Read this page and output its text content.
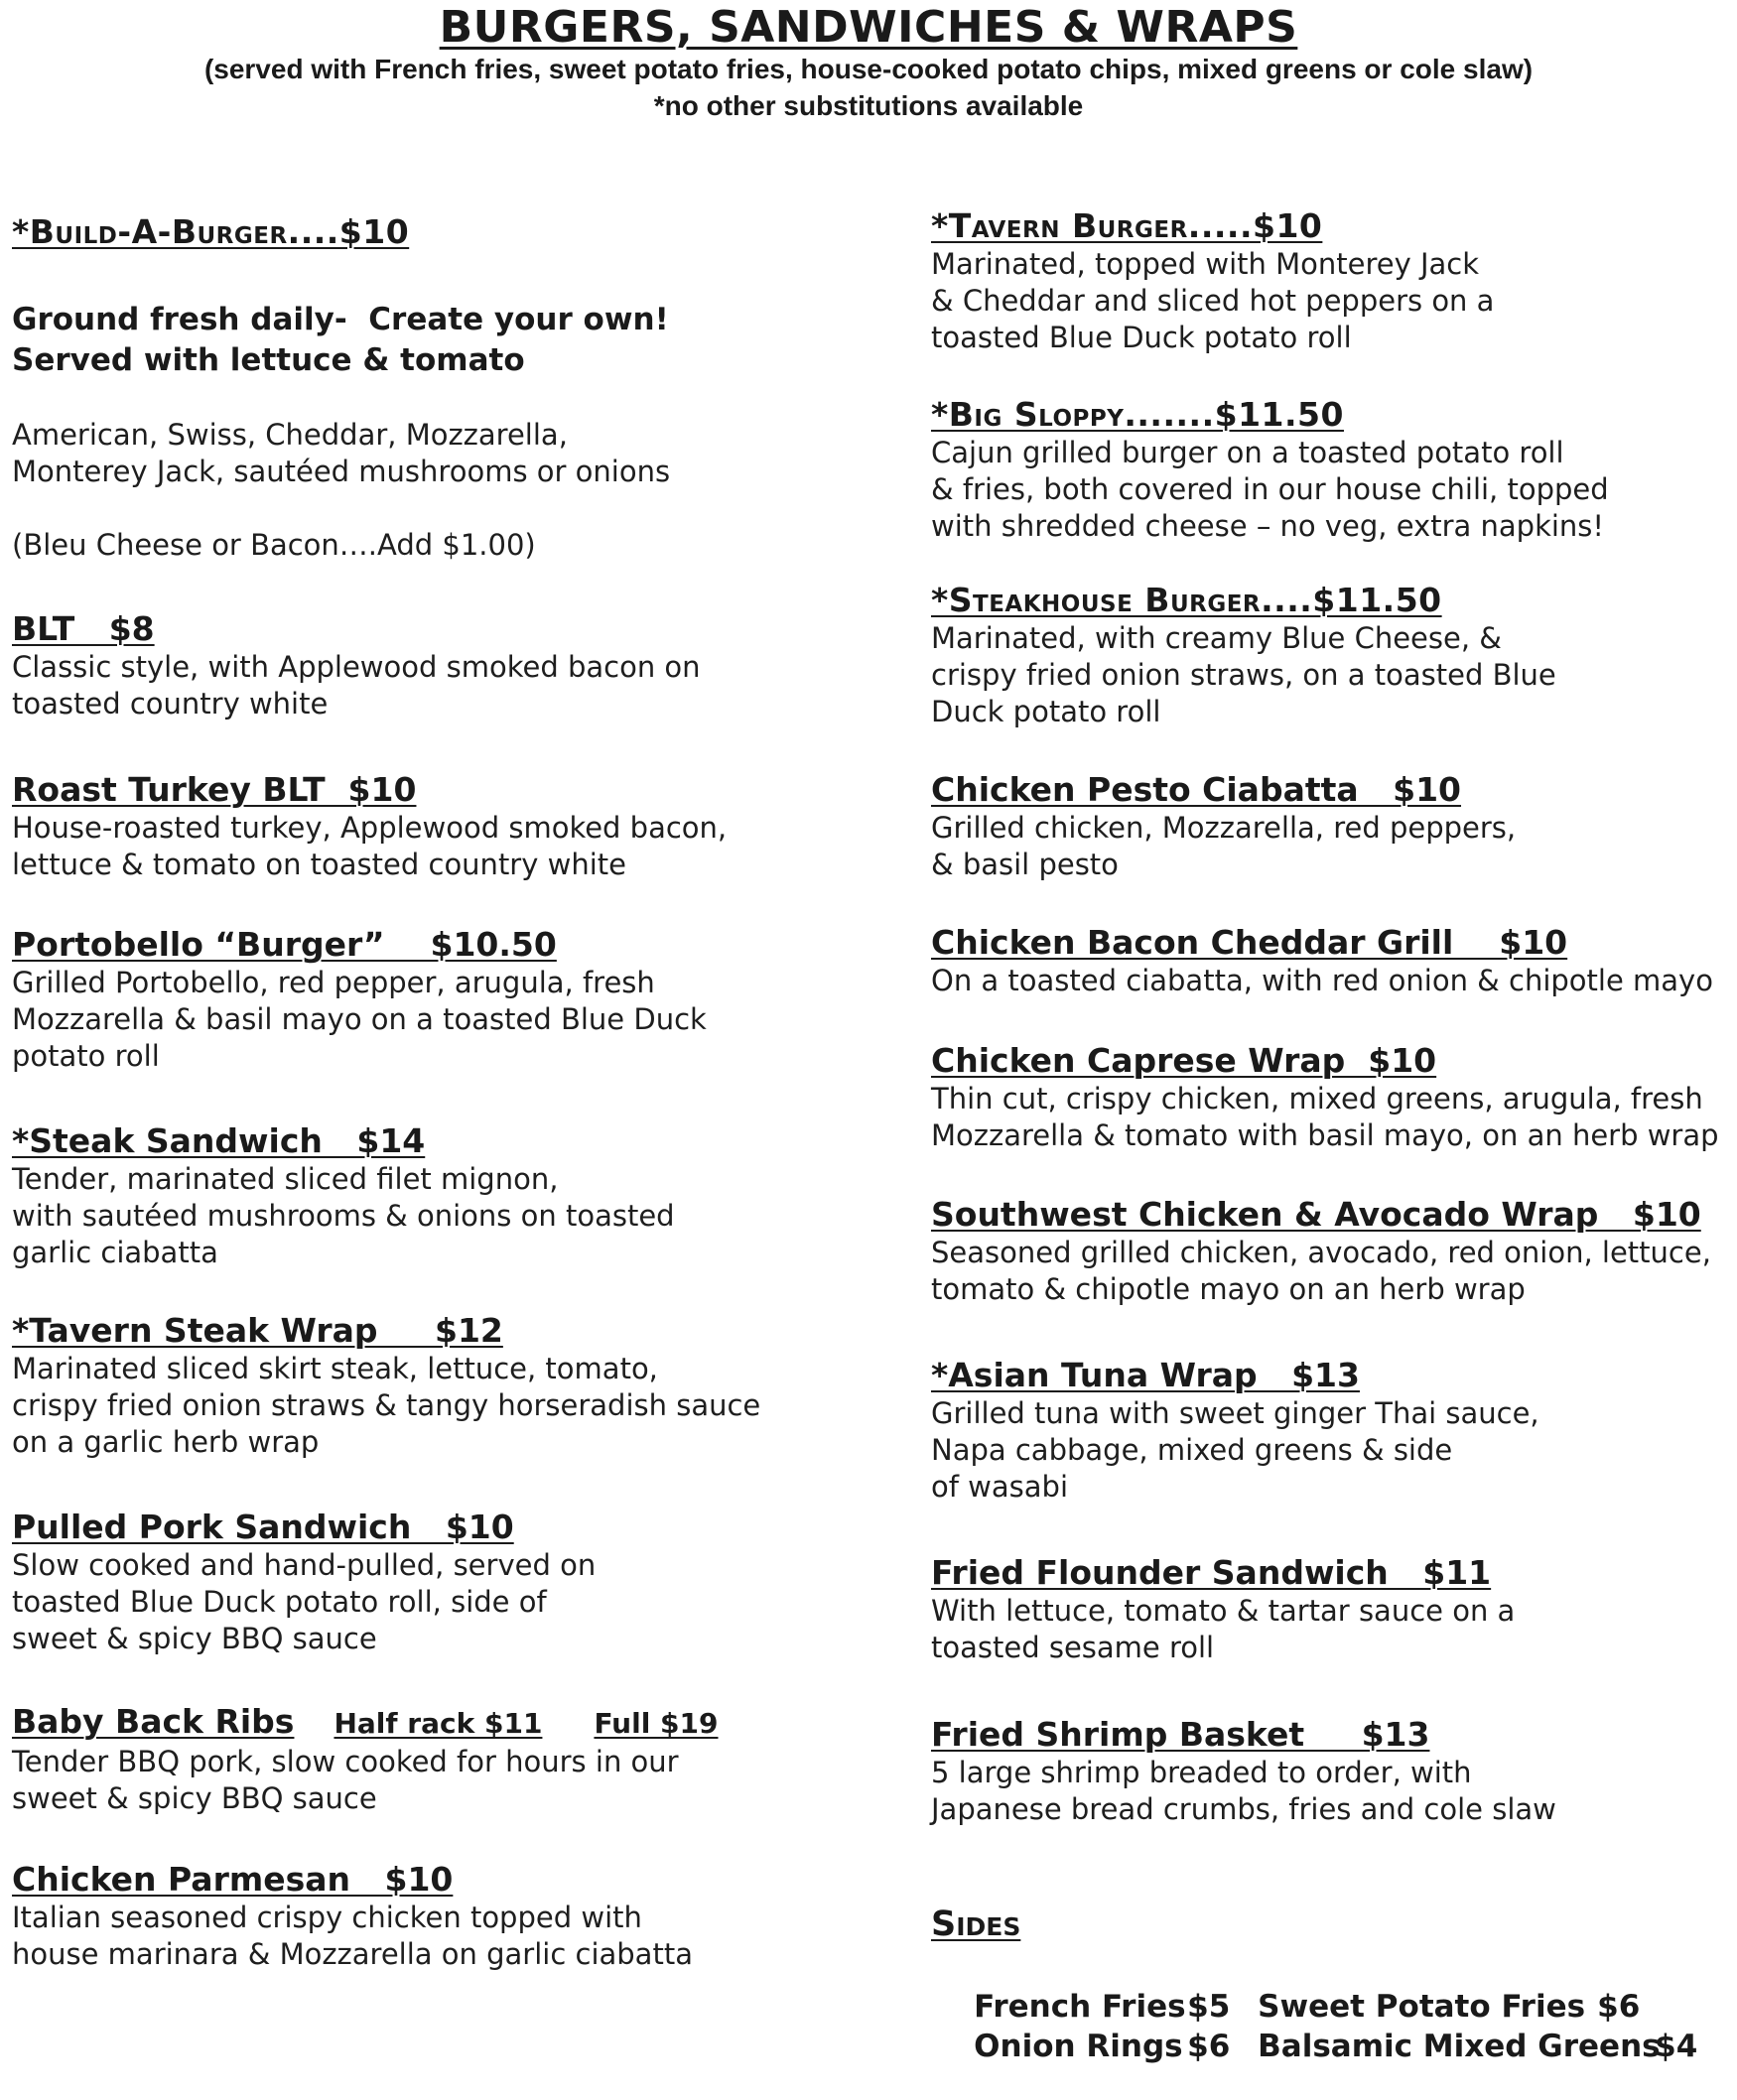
BURGERS, SANDWICHES & WRAPS
(served with French fries, sweet potato fries, house-cooked potato chips, mixed greens or cole slaw)
*no other substitutions available
*Build-A-Burger....$10
Ground fresh daily-  Create your own!
Served with lettuce & tomato
American, Swiss, Cheddar, Mozzarella,
Monterey Jack, sautéed mushrooms or onions
(Bleu Cheese or Bacon….Add $1.00)
BLT   $8
Classic style, with Applewood smoked bacon on
toasted country white
Roast Turkey BLT  $10
House-roasted turkey, Applewood smoked bacon,
lettuce & tomato on toasted country white
Portobello “Burger”    $10.50
Grilled Portobello, red pepper, arugula, fresh
Mozzarella & basil mayo on a toasted Blue Duck
potato roll
*Steak Sandwich   $14
Tender, marinated sliced filet mignon,
with sautéed mushrooms & onions on toasted
garlic ciabatta
*Tavern Steak Wrap     $12
Marinated sliced skirt steak, lettuce, tomato,
crispy fried onion straws & tangy horseradish sauce
on a garlic herb wrap
Pulled Pork Sandwich   $10
Slow cooked and hand-pulled, served on
toasted Blue Duck potato roll, side of
sweet & spicy BBQ sauce
Baby Back Ribs Half rack $11 Full $19
Tender BBQ pork, slow cooked for hours in our
sweet & spicy BBQ sauce
Chicken Parmesan   $10
Italian seasoned crispy chicken topped with
house marinara & Mozzarella on garlic ciabatta
*Tavern Burger.....$10
Marinated, topped with Monterey Jack
& Cheddar and sliced hot peppers on a
toasted Blue Duck potato roll
*Big Sloppy.......$11.50
Cajun grilled burger on a toasted potato roll
& fries, both covered in our house chili, topped
with shredded cheese – no veg, extra napkins!
*Steakhouse Burger....$11.50
Marinated, with creamy Blue Cheese, &
crispy fried onion straws, on a toasted Blue
Duck potato roll
Chicken Pesto Ciabatta   $10
Grilled chicken, Mozzarella, red peppers,
& basil pesto
Chicken Bacon Cheddar Grill    $10
On a toasted ciabatta, with red onion & chipotle mayo
Chicken Caprese Wrap  $10
Thin cut, crispy chicken, mixed greens, arugula, fresh
Mozzarella & tomato with basil mayo, on an herb wrap
Southwest Chicken & Avocado Wrap   $10
Seasoned grilled chicken, avocado, red onion, lettuce,
tomato & chipotle mayo on an herb wrap
*Asian Tuna Wrap   $13
Grilled tuna with sweet ginger Thai sauce,
Napa cabbage, mixed greens & side
of wasabi
Fried Flounder Sandwich   $11
With lettuce, tomato & tartar sauce on a
toasted sesame roll
Fried Shrimp Basket     $13
5 large shrimp breaded to order, with
Japanese bread crumbs, fries and cole slaw
Sides

French Fries$5 Sweet Potato Fries $6

Onion Rings $6 Balsamic Mixed Greens$4
